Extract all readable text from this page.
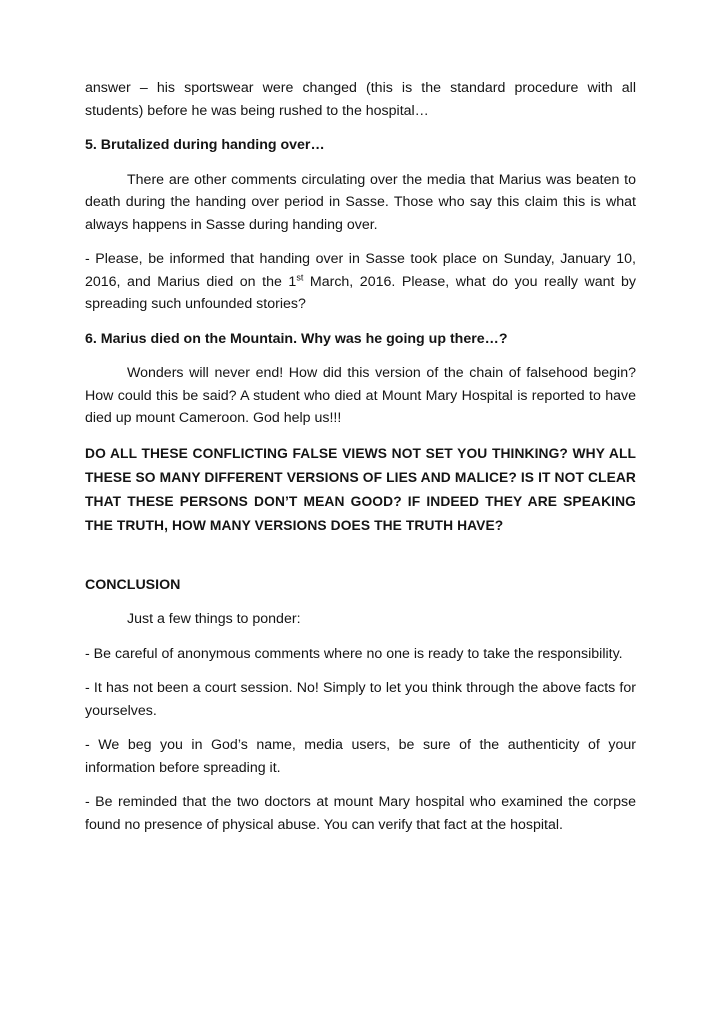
answer – his sportswear were changed (this is the standard procedure with all students) before he was being rushed to the hospital…

5. Brutalized during handing over…

There are other comments circulating over the media that Marius was beaten to death during the handing over period in Sasse. Those who say this claim this is what always happens in Sasse during handing over.

- Please, be informed that handing over in Sasse took place on Sunday, January 10, 2016, and Marius died on the 1st March, 2016. Please, what do you really want by spreading such unfounded stories?

6. Marius died on the Mountain. Why was he going up there…?

Wonders will never end! How did this version of the chain of falsehood begin? How could this be said? A student who died at Mount Mary Hospital is reported to have died up mount Cameroon. God help us!!!

DO ALL THESE CONFLICTING FALSE VIEWS NOT SET YOU THINKING? WHY ALL THESE SO MANY DIFFERENT VERSIONS OF LIES AND MALICE? IS IT NOT CLEAR THAT THESE PERSONS DON’T MEAN GOOD? IF INDEED THEY ARE SPEAKING THE TRUTH, HOW MANY VERSIONS DOES THE TRUTH HAVE?

CONCLUSION

Just a few things to ponder:

- Be careful of anonymous comments where no one is ready to take the responsibility.

- It has not been a court session. No! Simply to let you think through the above facts for yourselves.

- We beg you in God’s name, media users, be sure of the authenticity of your information before spreading it.

- Be reminded that the two doctors at mount Mary hospital who examined the corpse found no presence of physical abuse. You can verify that fact at the hospital.
